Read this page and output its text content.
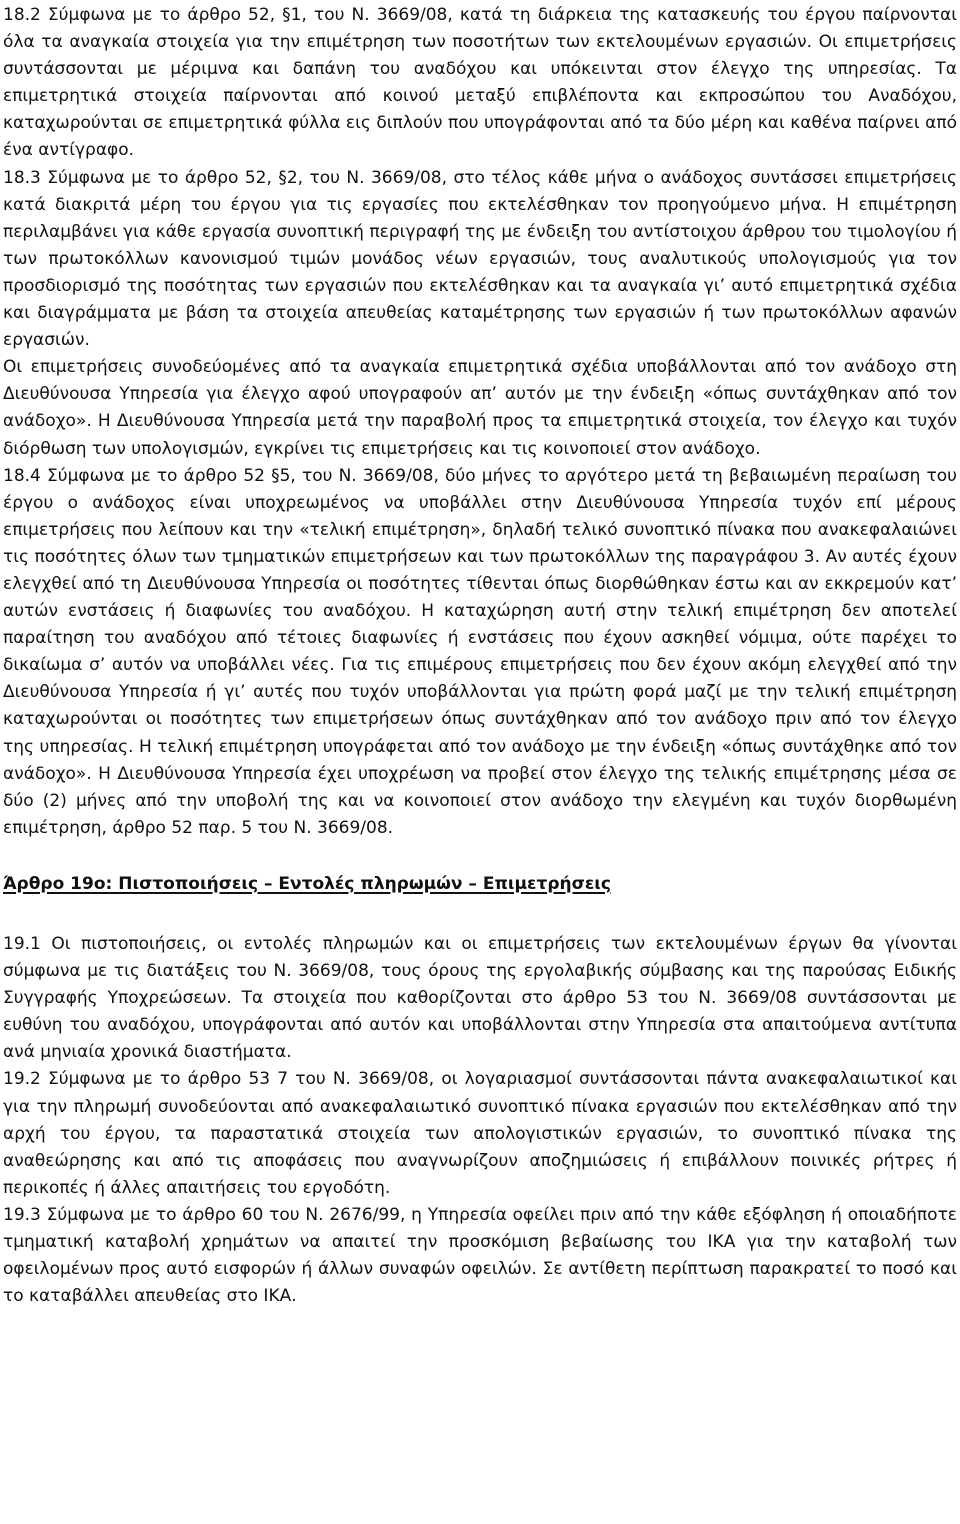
18.2 Σύμφωνα με το άρθρο 52, §1, του Ν. 3669/08, κατά τη διάρκεια της κατασκευής του έργου παίρνονται όλα τα αναγκαία στοιχεία για την επιμέτρηση των ποσοτήτων των εκτελουμένων εργασιών. Οι επιμετρήσεις συντάσσονται με μέριμνα και δαπάνη του αναδόχου και υπόκεινται στον έλεγχο της υπηρεσίας. Τα επιμετρητικά στοιχεία παίρνονται από κοινού μεταξύ επιβλέποντα και εκπροσώπου του Αναδόχου, καταχωρούνται σε επιμετρητικά φύλλα εις διπλούν που υπογράφονται από τα δύο μέρη και καθένα παίρνει από ένα αντίγραφο.

18.3 Σύμφωνα με το άρθρο 52, §2, του Ν. 3669/08, στο τέλος κάθε μήνα ο ανάδοχος συντάσσει επιμετρήσεις κατά διακριτά μέρη του έργου για τις εργασίες που εκτελέσθηκαν τον προηγούμενο μήνα. Η επιμέτρηση περιλαμβάνει για κάθε εργασία συνοπτική περιγραφή της με ένδειξη του αντίστοιχου άρθρου του τιμολογίου ή των πρωτοκόλλων κανονισμού τιμών μονάδος νέων εργασιών, τους αναλυτικούς υπολογισμούς για τον προσδιορισμό της ποσότητας των εργασιών που εκτελέσθηκαν και τα αναγκαία γι’ αυτό επιμετρητικά σχέδια και διαγράμματα με βάση τα στοιχεία απευθείας καταμέτρησης των εργασιών ή των πρωτοκόλλων αφανών εργασιών.

Οι επιμετρήσεις συνοδεύομένες από τα αναγκαία επιμετρητικά σχέδια υποβάλλονται από τον ανάδοχο στη Διευθύνουσα Υπηρεσία για έλεγχο αφού υπογραφούν απ’ αυτόν με την ένδειξη «όπως συντάχθηκαν από τον ανάδοχο». Η Διευθύνουσα Υπηρεσία μετά την παραβολή προς τα επιμετρητικά στοιχεία, τον έλεγχο και τυχόν διόρθωση των υπολογισμών, εγκρίνει τις επιμετρήσεις και τις κοινοποιεί στον ανάδοχο.

18.4 Σύμφωνα με το άρθρο 52 §5, του Ν. 3669/08, δύο μήνες το αργότερο μετά τη βεβαιωμένη περαίωση του έργου ο ανάδοχος είναι υποχρεωμένος να υποβάλλει στην Διευθύνουσα Υπηρεσία τυχόν επί μέρους επιμετρήσεις που λείπουν και την «τελική επιμέτρηση», δηλαδή τελικό συνοπτικό πίνακα που ανακεφαλαιώνει τις ποσότητες όλων των τμηματικών επιμετρήσεων και των πρωτοκόλλων της παραγράφου 3. Αν αυτές έχουν ελεγχθεί από τη Διευθύνουσα Υπηρεσία οι ποσότητες τίθενται όπως διορθώθηκαν έστω και αν εκκρεμούν κατ’ αυτών ενστάσεις ή διαφωνίες του αναδόχου. Η καταχώρηση αυτή στην τελική επιμέτρηση δεν αποτελεί παραίτηση του αναδόχου από τέτοιες διαφωνίες ή ενστάσεις που έχουν ασκηθεί νόμιμα, ούτε παρέχει το δικαίωμα σ’ αυτόν να υποβάλλει νέες. Για τις επιμέρους επιμετρήσεις που δεν έχουν ακόμη ελεγχθεί από την Διευθύνουσα Υπηρεσία ή γι’ αυτές που τυχόν υποβάλλονται για πρώτη φορά μαζί με την τελική επιμέτρηση καταχωρούνται οι ποσότητες των επιμετρήσεων όπως συντάχθηκαν από τον ανάδοχο πριν από τον έλεγχο της υπηρεσίας. Η τελική επιμέτρηση υπογράφεται από τον ανάδοχο με την ένδειξη «όπως συντάχθηκε από τον ανάδοχο». Η Διευθύνουσα Υπηρεσία έχει υποχρέωση να προβεί στον έλεγχο της τελικής επιμέτρησης μέσα σε δύο (2) μήνες από την υποβολή της και να κοινοποιεί στον ανάδοχο την ελεγμένη και τυχόν διορθωμένη επιμέτρηση, άρθρο 52 παρ. 5 του Ν. 3669/08.

Άρθρο 19ο: Πιστοποιήσεις – Εντολές πληρωμών – Επιμετρήσεις

19.1 Οι πιστοποιήσεις, οι εντολές πληρωμών και οι επιμετρήσεις των εκτελουμένων έργων θα γίνονται σύμφωνα με τις διατάξεις του Ν. 3669/08, τους όρους της εργολαβικής σύμβασης και της παρούσας Ειδικής Συγγραφής Υποχρεώσεων. Τα στοιχεία που καθορίζονται στο άρθρο 53 του Ν. 3669/08 συντάσσονται με ευθύνη του αναδόχου, υπογράφονται από αυτόν και υποβάλλονται στην Υπηρεσία στα απαιτούμενα αντίτυπα ανά μηνιαία χρονικά διαστήματα.

19.2 Σύμφωνα με το άρθρο 53 7 του Ν. 3669/08, οι λογαριασμοί συντάσσονται πάντα ανακεφαλαιωτικοί και για την πληρωμή συνοδεύονται από ανακεφαλαιωτικό συνοπτικό πίνακα εργασιών που εκτελέσθηκαν από την αρχή του έργου, τα παραστατικά στοιχεία των απολογιστικών εργασιών, το συνοπτικό πίνακα της αναθεώρησης και από τις αποφάσεις που αναγνωρίζουν αποζημιώσεις ή επιβάλλουν ποινικές ρήτρες ή περικοπές ή άλλες απαιτήσεις του εργοδότη.

19.3 Σύμφωνα με το άρθρο 60 του Ν. 2676/99, η Υπηρεσία οφείλει πριν από την κάθε εξόφληση ή οποιαδήποτε τμηματική καταβολή χρημάτων να απαιτεί την προσκόμιση βεβαίωσης του ΙΚΑ για την καταβολή των οφειλομένων προς αυτό εισφορών ή άλλων συναφών οφειλών. Σε αντίθετη περίπτωση παρακρατεί το ποσό και το καταβάλλει απευθείας στο ΙΚΑ.
